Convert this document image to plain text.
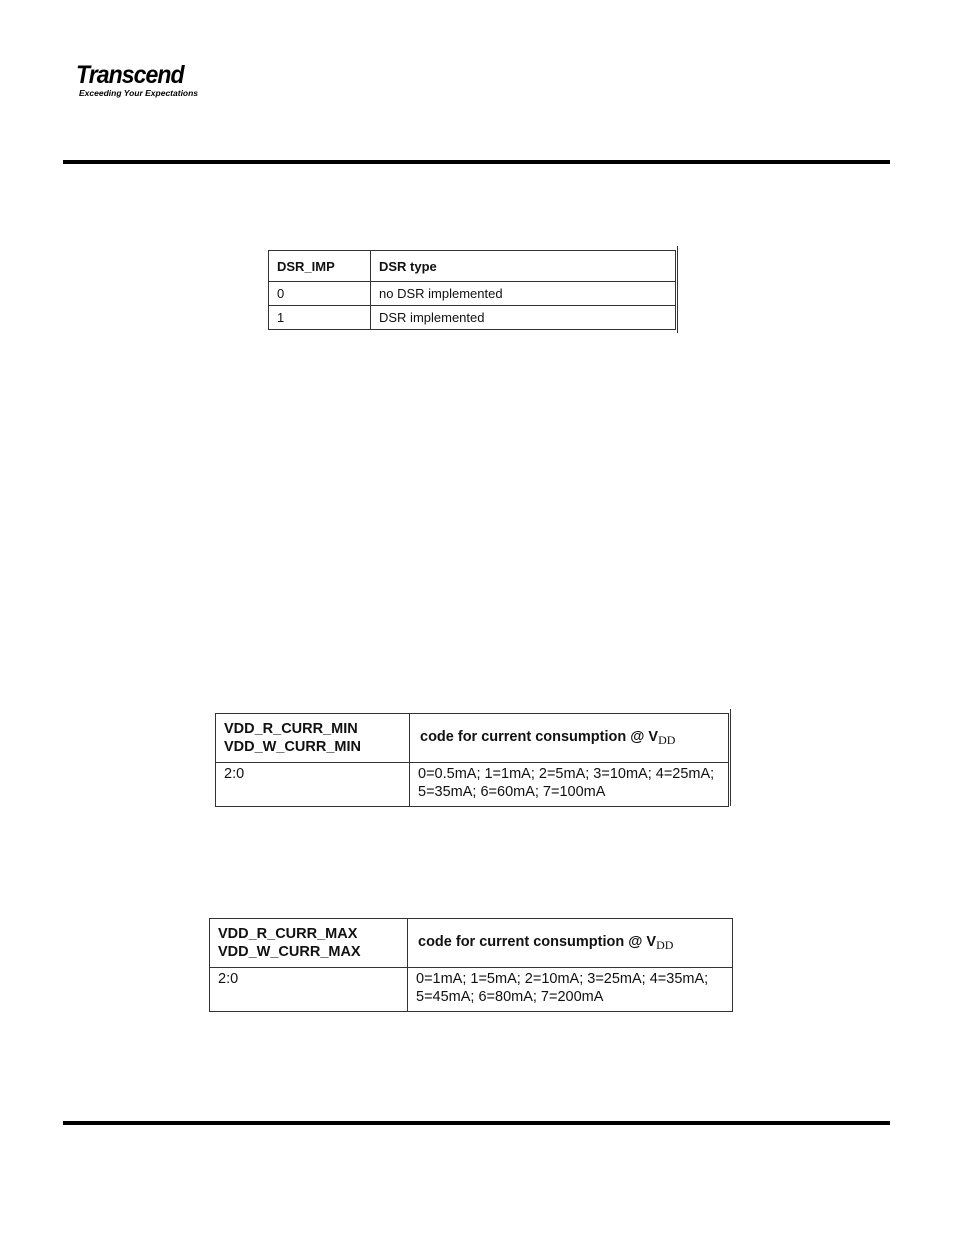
Transcend
Exceeding Your Expectations
DSR_IMP	DSR type
0	no DSR implemented
1	DSR implemented
VDD_R_CURR_MIN
VDD_W_CURR_MIN	code for current consumption @ $V_{DD}$
2:0	0=0.5mA; 1=1mA; 2=5mA; 3=10mA; 4=25mA;
5=35mA; 6=60mA; 7=100mA
VDD_R_CURR_MAX
VDD_W_CURR_MAX	code for current consumption @ $V_{DD}$
2:0	0=1mA; 1=5mA; 2=10mA; 3=25mA; 4=35mA;
5=45mA; 6=80mA; 7=200mA
